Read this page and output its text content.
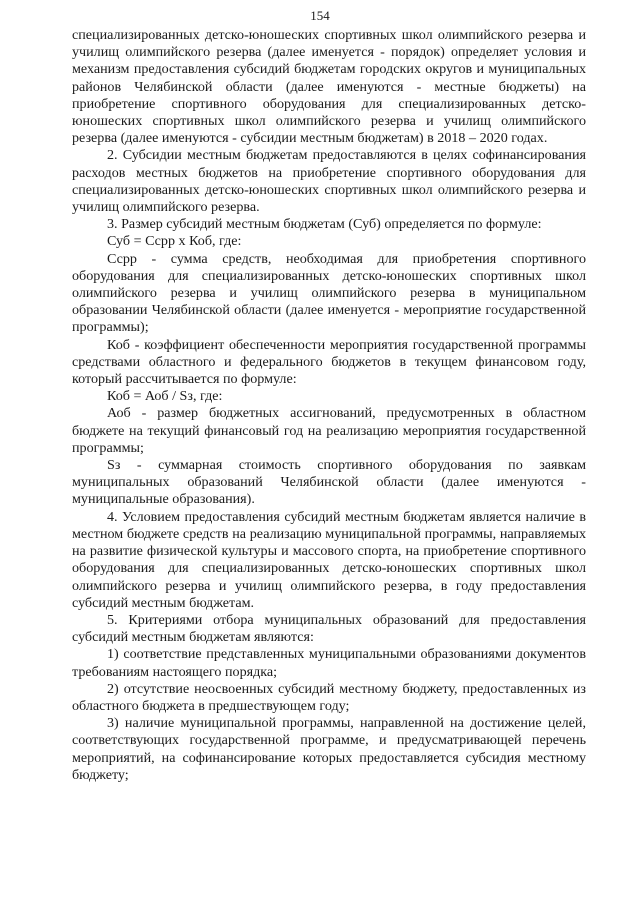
154

специализированных детско-юношеских спортивных школ олимпийского резерва и училищ олимпийского резерва (далее именуется - порядок) определяет условия и механизм предоставления субсидий бюджетам городских округов и муниципальных районов Челябинской области (далее именуются - местные бюджеты) на приобретение спортивного оборудования для специализированных детско-юношеских спортивных школ олимпийского резерва и училищ олимпийского резерва (далее именуются - субсидии местным бюджетам) в 2018 – 2020 годах.

2. Субсидии местным бюджетам предоставляются в целях софинансирования расходов местных бюджетов на приобретение спортивного оборудования для специализированных детско-юношеских спортивных школ олимпийского резерва и училищ олимпийского резерва.

3. Размер субсидий местным бюджетам (Суб) определяется по формуле:

Суб = Ссрр х Коб, где:

Ссрр - сумма средств, необходимая для приобретения спортивного оборудования для специализированных детско-юношеских спортивных школ олимпийского резерва и училищ олимпийского резерва в муниципальном образовании Челябинской области (далее именуется - мероприятие государственной программы);

Коб - коэффициент обеспеченности мероприятия государственной программы средствами областного и федерального бюджетов в текущем финансовом году, который рассчитывается по формуле:

Коб = Аоб / Sз, где:

Аоб - размер бюджетных ассигнований, предусмотренных в областном бюджете на текущий финансовый год на реализацию мероприятия государственной программы;

Sз - суммарная стоимость спортивного оборудования по заявкам муниципальных образований Челябинской области (далее именуются - муниципальные образования).

4. Условием предоставления субсидий местным бюджетам является наличие в местном бюджете средств на реализацию муниципальной программы, направляемых на развитие физической культуры и массового спорта, на приобретение спортивного оборудования для специализированных детско-юношеских спортивных школ олимпийского резерва и училищ олимпийского резерва, в году предоставления субсидий местным бюджетам.

5. Критериями отбора муниципальных образований для предоставления субсидий местным бюджетам являются:

1) соответствие представленных муниципальными образованиями документов требованиям настоящего порядка;

2) отсутствие неосвоенных субсидий местному бюджету, предоставленных из областного бюджета в предшествующем году;

3) наличие муниципальной программы, направленной на достижение целей, соответствующих государственной программе, и предусматривающей перечень мероприятий, на софинансирование которых предоставляется субсидия местному бюджету;
